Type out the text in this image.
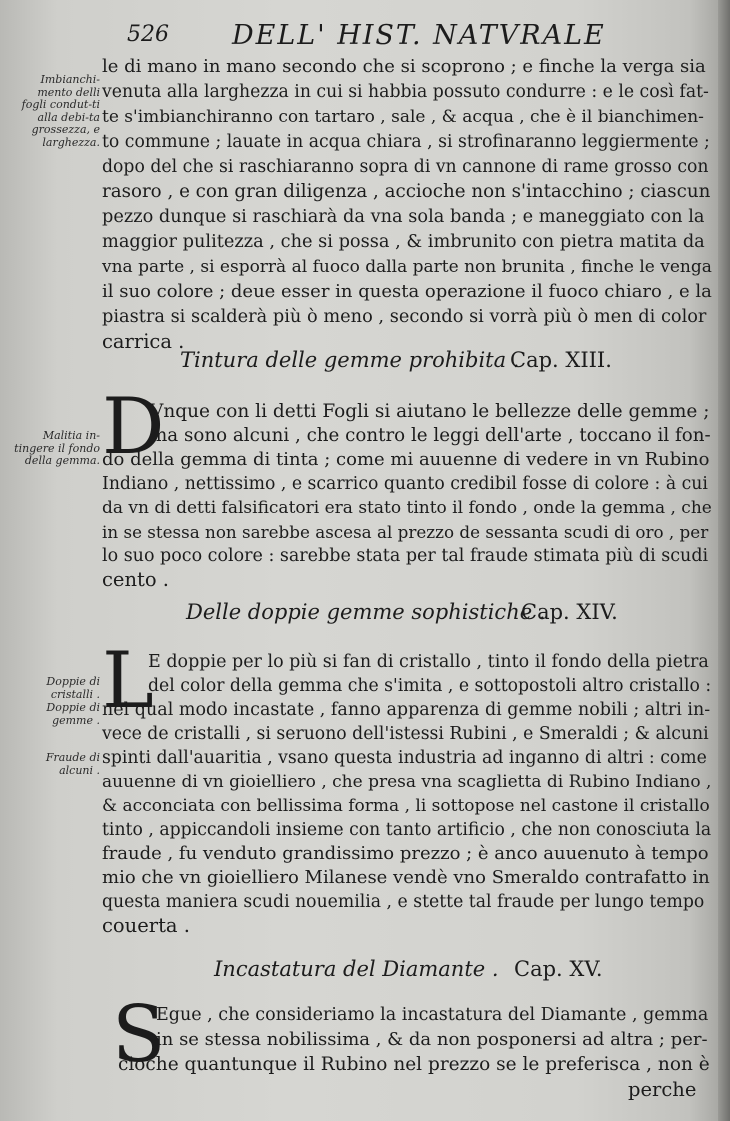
526 DELL' HIST. NATVRALE
Imbianchi-mento delli fogli condut-ti alla debi-ta grossezza, e larghezza.
le di mano in mano secondo che si scoprono ; e finche la verga sia
venuta alla larghezza in cui si habbia possuto condurre : e le così fat-
te s'imbianchiranno con tartaro , sale , & acqua , che è il bianchimen-
to commune ; lauate in acqua chiara , si strofinaranno leggiermente ;
dopo del che si raschiaranno sopra di vn cannone di rame grosso con
rasoro , e con gran diligenza , accioche non s'intacchino ; ciascun
pezzo dunque si raschiarà da vna sola banda ; e maneggiato con la
maggior pulitezza , che si possa , & imbrunito con pietra matita da
vna parte , si esporrà al fuoco dalla parte non brunita , finche le venga
il suo colore ; deue esser in questa operazione il fuoco chiaro , e la
piastra si scalderà più ò meno , secondo si vorrà più ò men di color
carrica .
Tintura delle gemme prohibita .
Cap. XIII.
D
Malitia in-tingere il fondo della gemma.
Vnque con li detti Fogli si aiutano le bellezze delle gemme ;
ma sono alcuni , che contro le leggi dell'arte , toccano il fon-
do della gemma di tinta ; come mi auuenne di vedere in vn Rubino
Indiano , nettissimo , e scarrico quanto credibil fosse di colore : à cui
da vn di detti falsificatori era stato tinto il fondo , onde la gemma , che
in se stessa non sarebbe ascesa al prezzo de sessanta scudi di oro , per
lo suo poco colore : sarebbe stata per tal fraude stimata più di scudi
cento .
Delle doppie gemme sophistiche .
Cap. XIV.
L
Doppie di cristalli .
Doppie di gemme .
Fraude di alcuni .
E doppie per lo più si fan di cristallo , tinto il fondo della pietra
del color della gemma che s'imita , e sottopostoli altro cristallo :
nel qual modo incastate , fanno apparenza di gemme nobili ; altri in-
vece de cristalli , si seruono dell'istessi Rubini , e Smeraldi ; & alcuni
spinti dall'auaritia , vsano questa industria ad inganno di altri : come
auuenne di vn gioielliero , che presa vna scaglietta di Rubino Indiano ,
& acconciata con bellissima forma , li sottopose nel castone il cristallo
tinto , appiccandoli insieme con tanto artificio , che non conosciuta la
fraude , fu venduto grandissimo prezzo ; è anco auuenuto à tempo
mio che vn gioielliero Milanese vendè vno Smeraldo contrafatto in
questa maniera scudi nouemilia , e stette tal fraude per lungo tempo
couerta .
Incastatura del Diamante . Cap. XV.
S
Egue , che consideriamo la incastatura del Diamante , gemma
in se stessa nobilissima , & da non posponersi ad altra ; per-
cioche quantunque il Rubino nel prezzo se le preferisca , non è
perche
